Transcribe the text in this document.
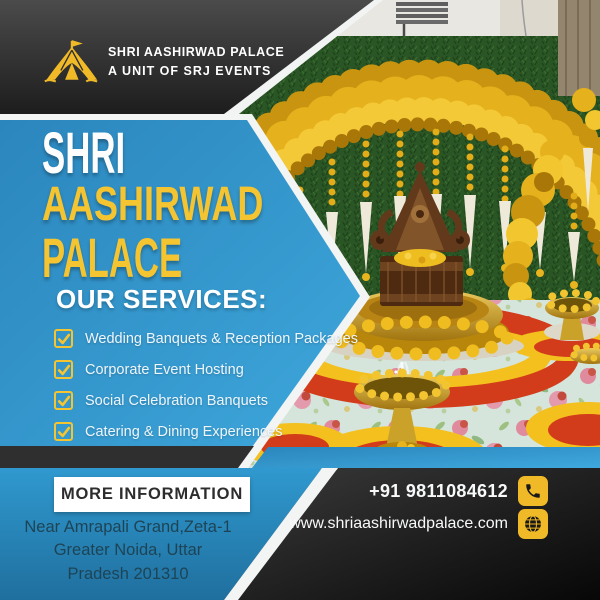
SHRI AASHIRWAD PALACE
A UNIT OF SRJ EVENTS
SHRI
AASHIRWAD
PALACE
OUR SERVICES:
Wedding Banquets & Reception Packages
Corporate Event Hosting
Social Celebration Banquets
Catering & Dining Experiences
MORE INFORMATION
Near Amrapali Grand,Zeta-1
Greater Noida, Uttar
Pradesh 201310
+91 9811084612
www.shriaashirwadpalace.com
